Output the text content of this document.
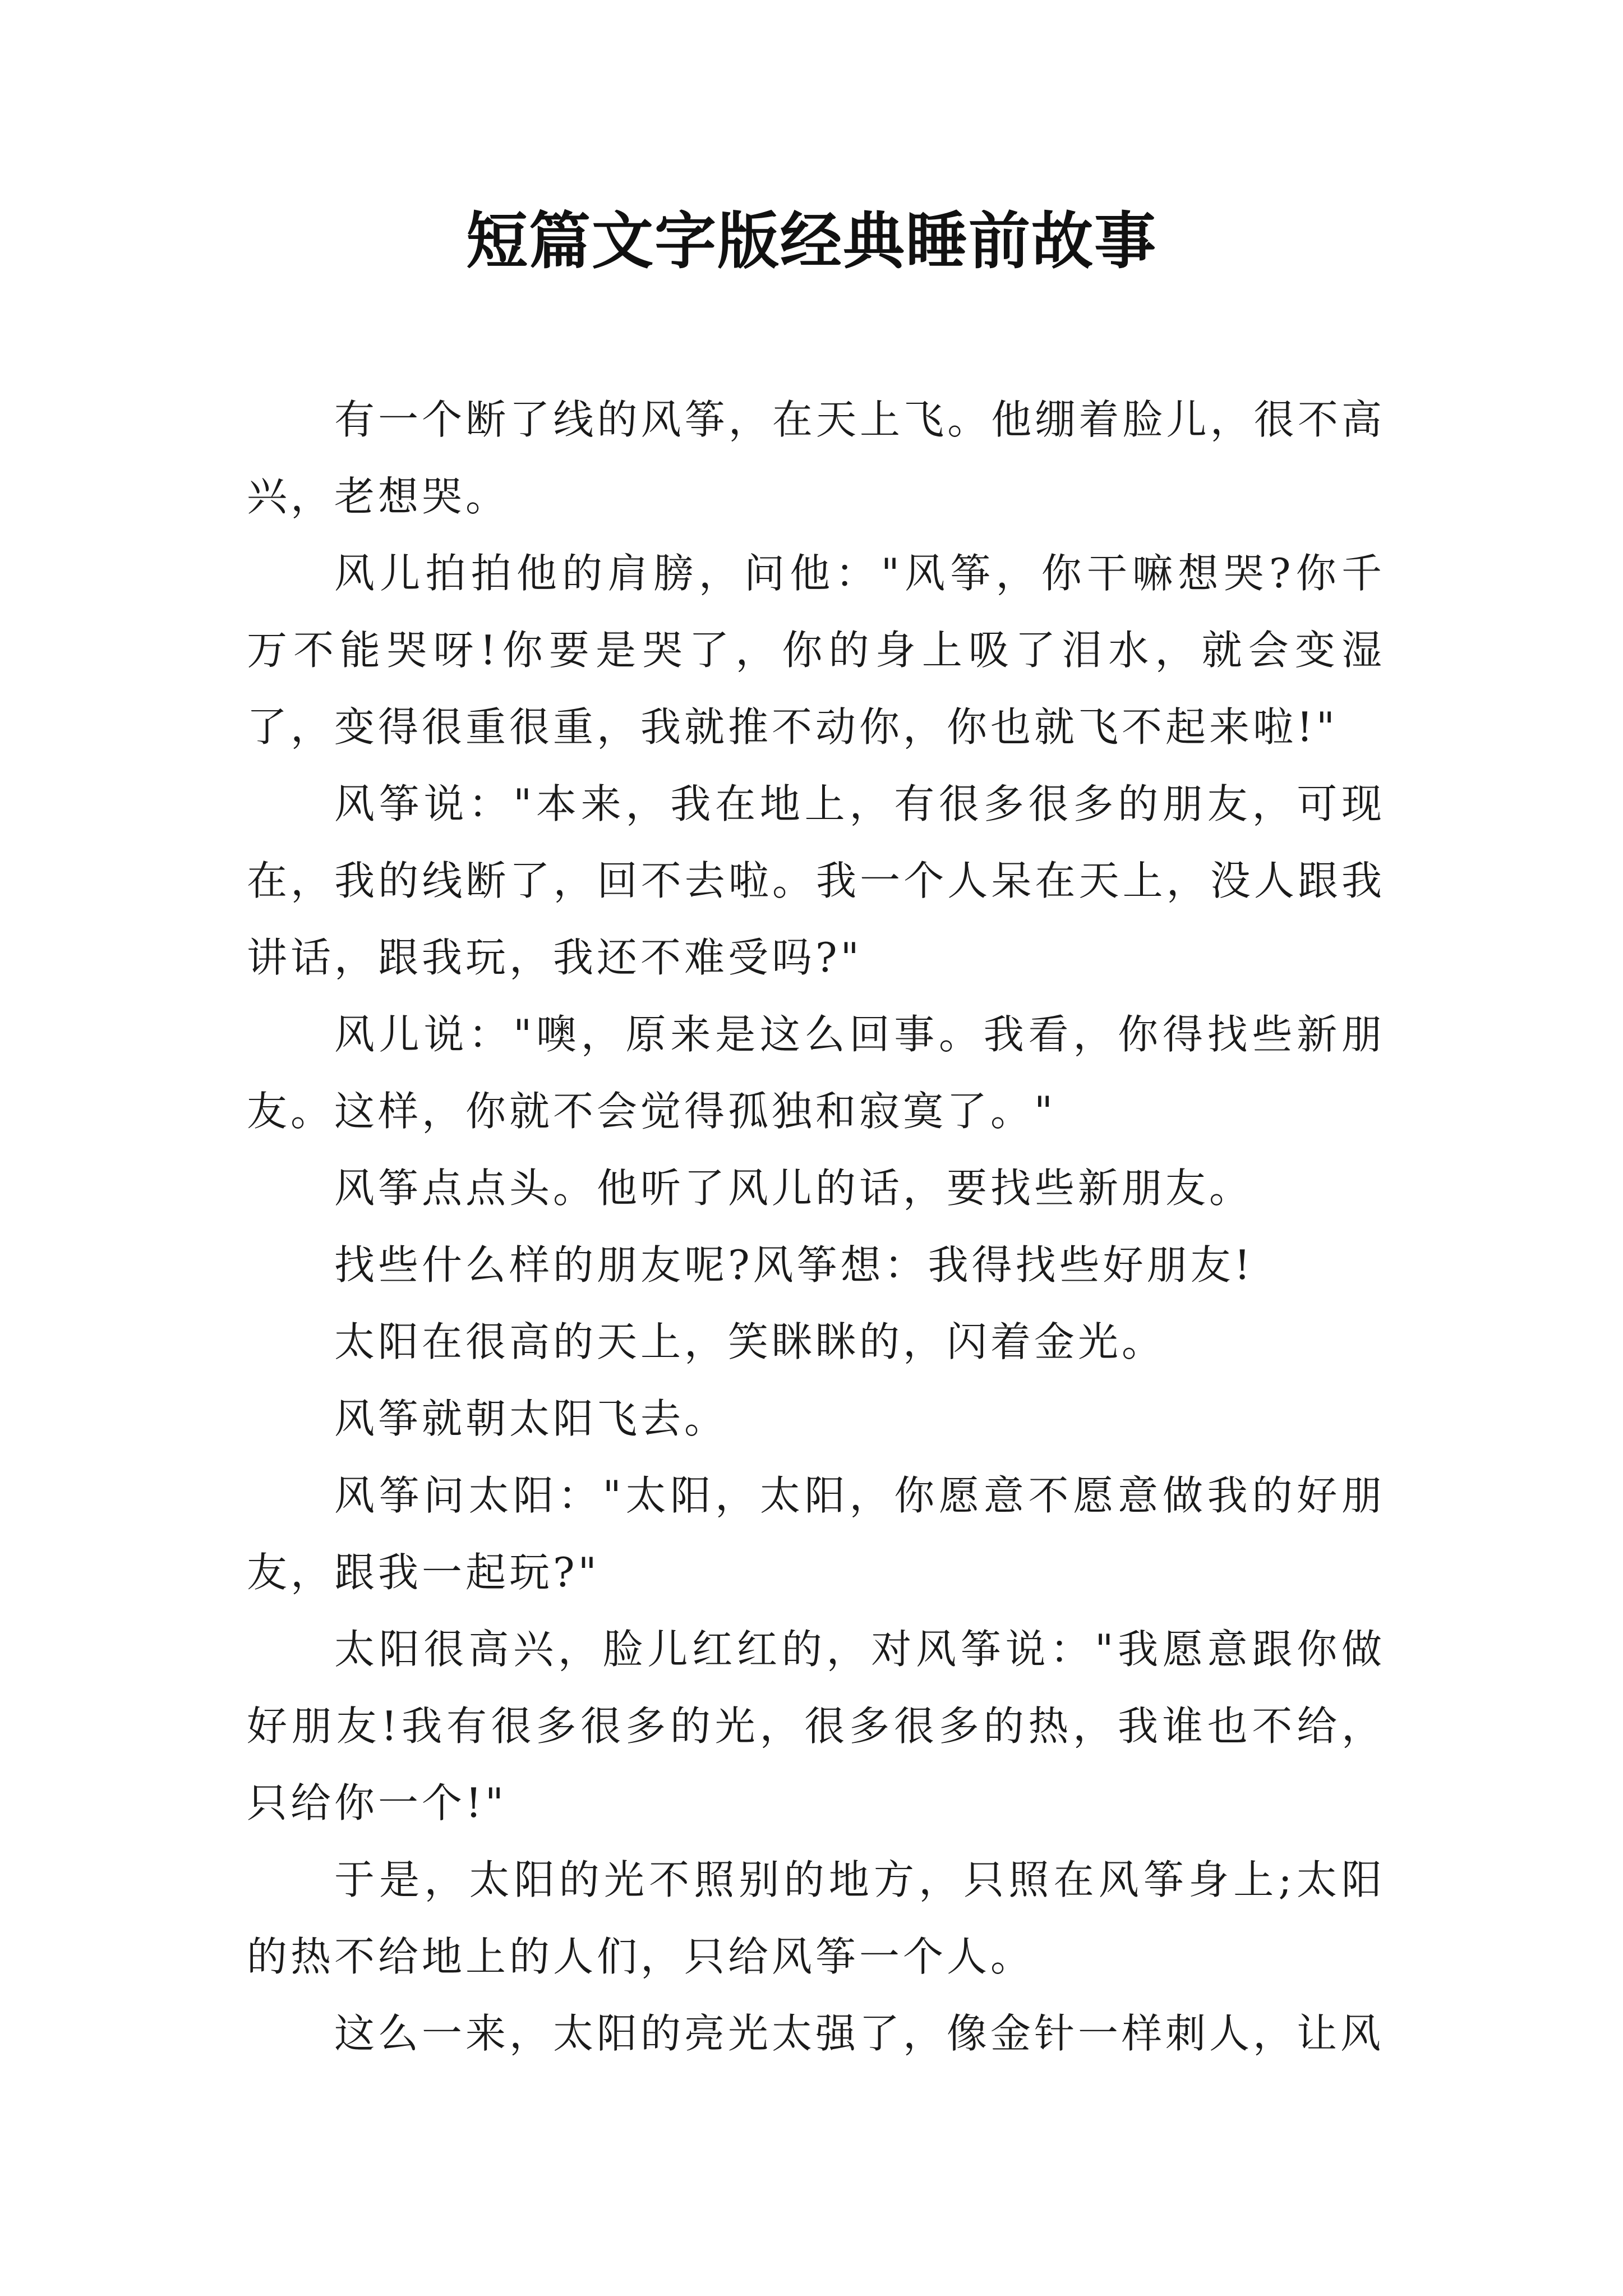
短篇文字版经典睡前故事

有一个断了线的风筝，在天上飞。他绷着脸儿，很不高兴，老想哭。

风儿拍拍他的肩膀，问他："风筝，你干嘛想哭?你千万不能哭呀!你要是哭了，你的身上吸了泪水，就会变湿了，变得很重很重，我就推不动你，你也就飞不起来啦!"

风筝说："本来，我在地上，有很多很多的朋友，可现在，我的线断了，回不去啦。我一个人呆在天上，没人跟我讲话，跟我玩，我还不难受吗?"

风儿说："噢，原来是这么回事。我看，你得找些新朋友。这样，你就不会觉得孤独和寂寞了。"

风筝点点头。他听了风儿的话，要找些新朋友。

找些什么样的朋友呢?风筝想：我得找些好朋友!

太阳在很高的天上，笑眯眯的，闪着金光。

风筝就朝太阳飞去。

风筝问太阳："太阳，太阳，你愿意不愿意做我的好朋友，跟我一起玩?"

太阳很高兴，脸儿红红的，对风筝说："我愿意跟你做好朋友!我有很多很多的光，很多很多的热，我谁也不给，只给你一个!"

于是，太阳的光不照别的地方，只照在风筝身上;太阳的热不给地上的人们，只给风筝一个人。

这么一来，太阳的亮光太强了，像金针一样刺人，让风
